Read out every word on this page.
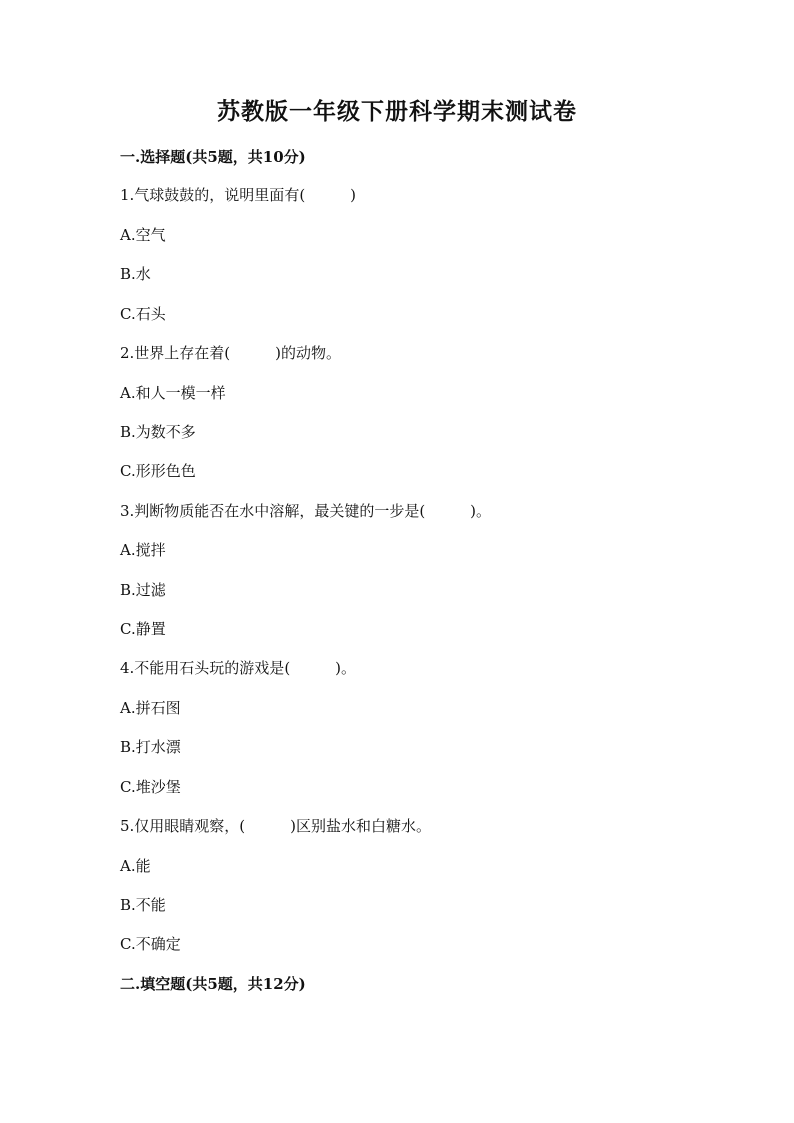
苏教版一年级下册科学期末测试卷
一.选择题(共5题，共10分)
1.气球鼓鼓的，说明里面有(　　　)
A.空气
B.水
C.石头
2.世界上存在着(　　　)的动物。
A.和人一模一样
B.为数不多
C.形形色色
3.判断物质能否在水中溶解，最关键的一步是(　　　)。
A.搅拌
B.过滤
C.静置
4.不能用石头玩的游戏是(　　　)。
A.拼石图
B.打水漂
C.堆沙堡
5.仅用眼睛观察，(　　　)区别盐水和白糖水。
A.能
B.不能
C.不确定
二.填空题(共5题，共12分)
